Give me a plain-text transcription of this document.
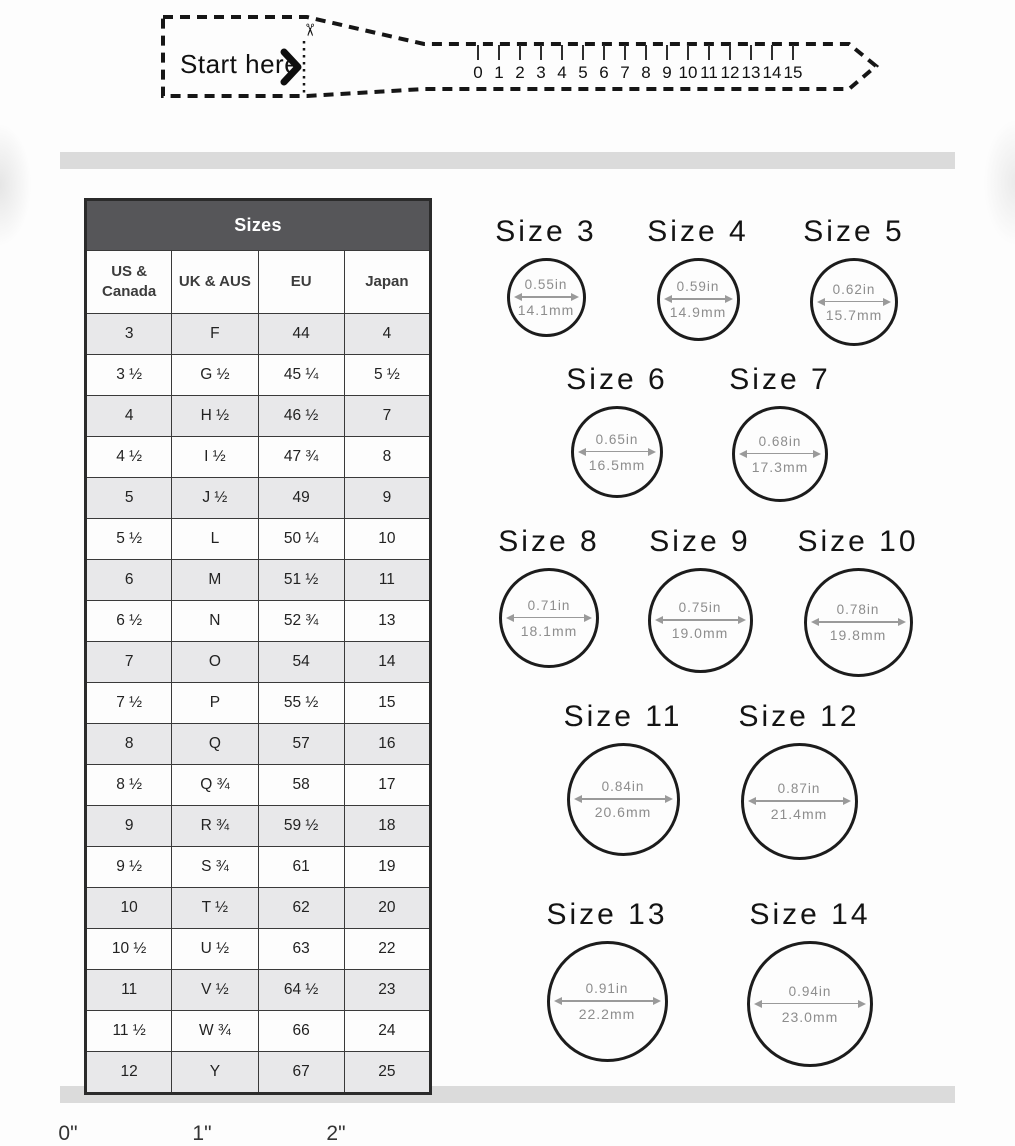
Start here
✂
0 1 2 3 4 5 6 7 8 9 10 11 12 13 14 15
Sizes			
US & Canada	UK & AUS	EU	Japan
3	F	44	4
3 ½	G ½	45 ¼	5 ½
4	H ½	46 ½	7
4 ½	I ½	47 ¾	8
5	J ½	49	9
5 ½	L	50 ¼	10
6	M	51 ½	11
6 ½	N	52 ¾	13
7	O	54	14
7 ½	P	55 ½	15
8	Q	57	16
8 ½	Q ¾	58	17
9	R ¾	59 ½	18
9 ½	S ¾	61	19
10	T ½	62	20
10 ½	U ½	63	22
11	V ½	64 ½	23
11 ½	W ¾	66	24
12	Y	67	25
Size 3
0.55in
14.1mm
Size 4
0.59in
14.9mm
Size 5
0.62in
15.7mm
Size 6
0.65in
16.5mm
Size 7
0.68in
17.3mm
Size 8
0.71in
18.1mm
Size 9
0.75in
19.0mm
Size 10
0.78in
19.8mm
Size 11
0.84in
20.6mm
Size 12
0.87in
21.4mm
Size 13
0.91in
22.2mm
Size 14
0.94in
23.0mm
0"	1"	2"
